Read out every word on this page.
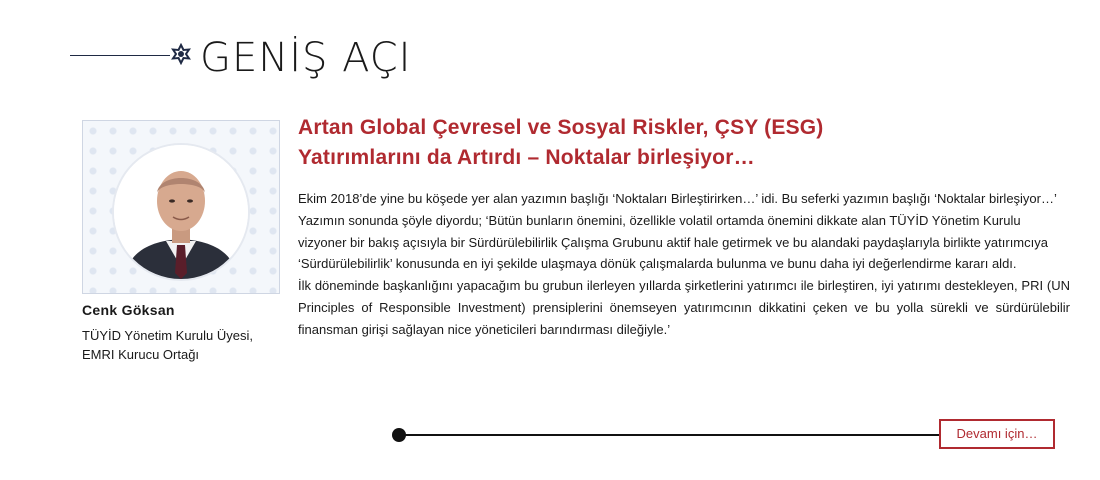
GENİŞ AÇI
Cenk Göksan
TÜYİD Yönetim Kurulu Üyesi,
EMRI Kurucu Ortağı
Artan Global Çevresel ve Sosyal Riskler, ÇSY (ESG)
Yatırımlarını da Artırdı – Noktalar birleşiyor…

Ekim 2018’de yine bu köşede yer alan yazımın başlığı ‘Noktaları Birleştirirken…’ idi. Bu seferki yazımın başlığı ‘Noktalar birleşiyor…’

Yazımın sonunda şöyle diyordu; ‘Bütün bunların önemini, özellikle volatil ortamda önemini dikkate alan TÜYİD Yönetim Kurulu vizyoner bir bakış açısıyla bir Sürdürülebilirlik Çalışma Grubunu aktif hale getirmek ve bu alandaki paydaşlarıyla birlikte yatırımcıya ‘Sürdürülebilirlik’ konusunda en iyi şekilde ulaşmaya dönük çalışmalarda bulunma ve bunu daha iyi değerlendirme kararı aldı.

İlk döneminde başkanlığını yapacağım bu grubun ilerleyen yıllarda şirketlerini yatırımcı ile birleştiren, iyi yatırımı destekleyen, PRI (UN Principles of Responsible Investment) prensiplerini önemseyen yatırımcının dikkatini çeken ve bu yolla sürekli ve sürdürülebilir finansman girişi sağlayan nice yöneticileri barındırması dileğiyle.’

Devamı için…
